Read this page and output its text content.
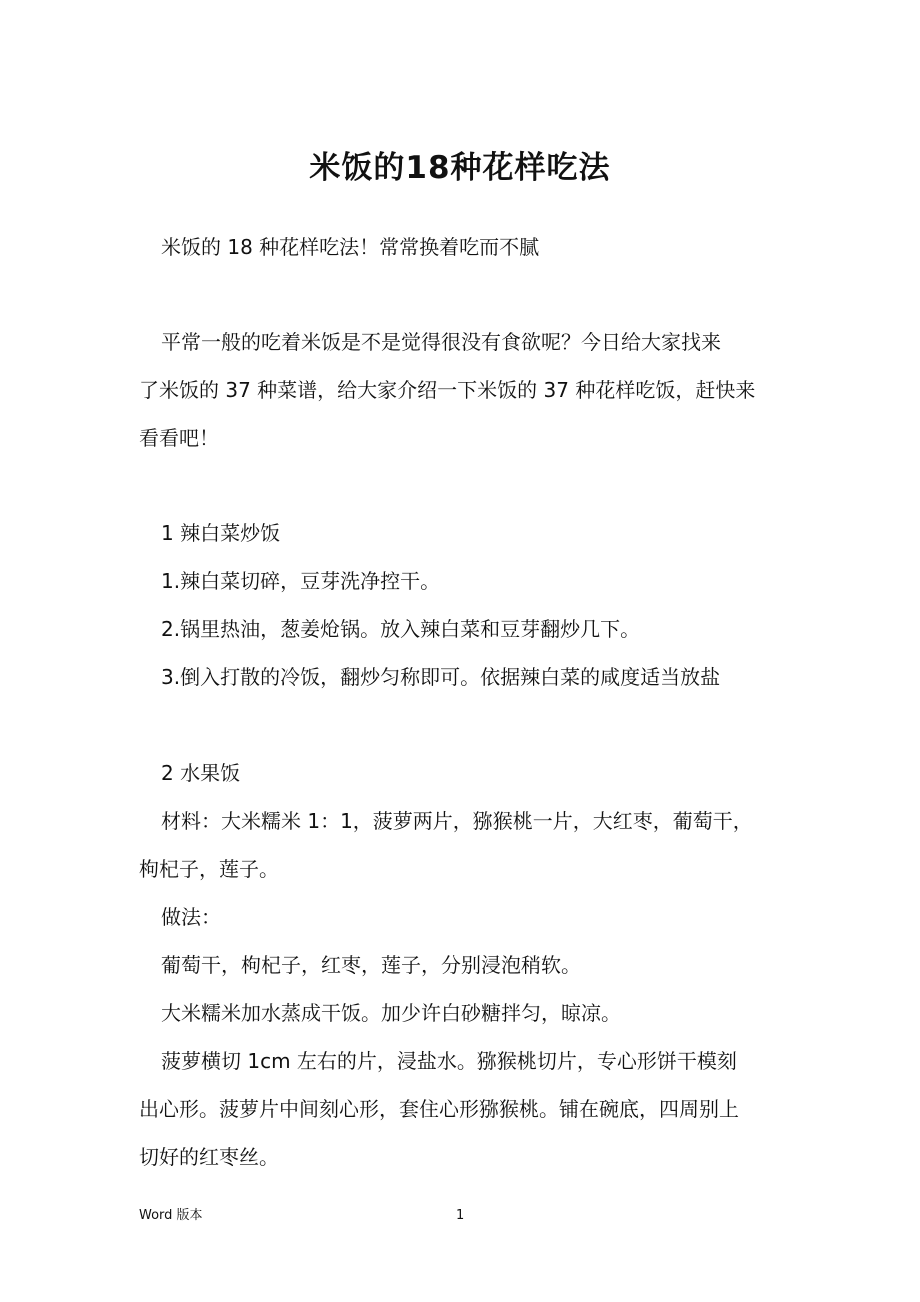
米饭的18种花样吃法
米饭的 18 种花样吃法！常常换着吃而不腻
平常一般的吃着米饭是不是觉得很没有食欲呢？今日给大家找来
了米饭的 37 种菜谱，给大家介绍一下米饭的 37 种花样吃饭，赶快来
看看吧！
1 辣白菜炒饭
1.辣白菜切碎，豆芽洗净控干。
2.锅里热油，葱姜炝锅。放入辣白菜和豆芽翻炒几下。
3.倒入打散的冷饭，翻炒匀称即可。依据辣白菜的咸度适当放盐
2 水果饭
材料：大米糯米 1：1，菠萝两片，猕猴桃一片，大红枣，葡萄干，
枸杞子，莲子。
做法：
葡萄干，枸杞子，红枣，莲子，分别浸泡稍软。
大米糯米加水蒸成干饭。加少许白砂糖拌匀，晾凉。
菠萝横切 1cm 左右的片，浸盐水。猕猴桃切片，专心形饼干模刻
出心形。菠萝片中间刻心形，套住心形猕猴桃。铺在碗底，四周别上
切好的红枣丝。
Word 版本	1
